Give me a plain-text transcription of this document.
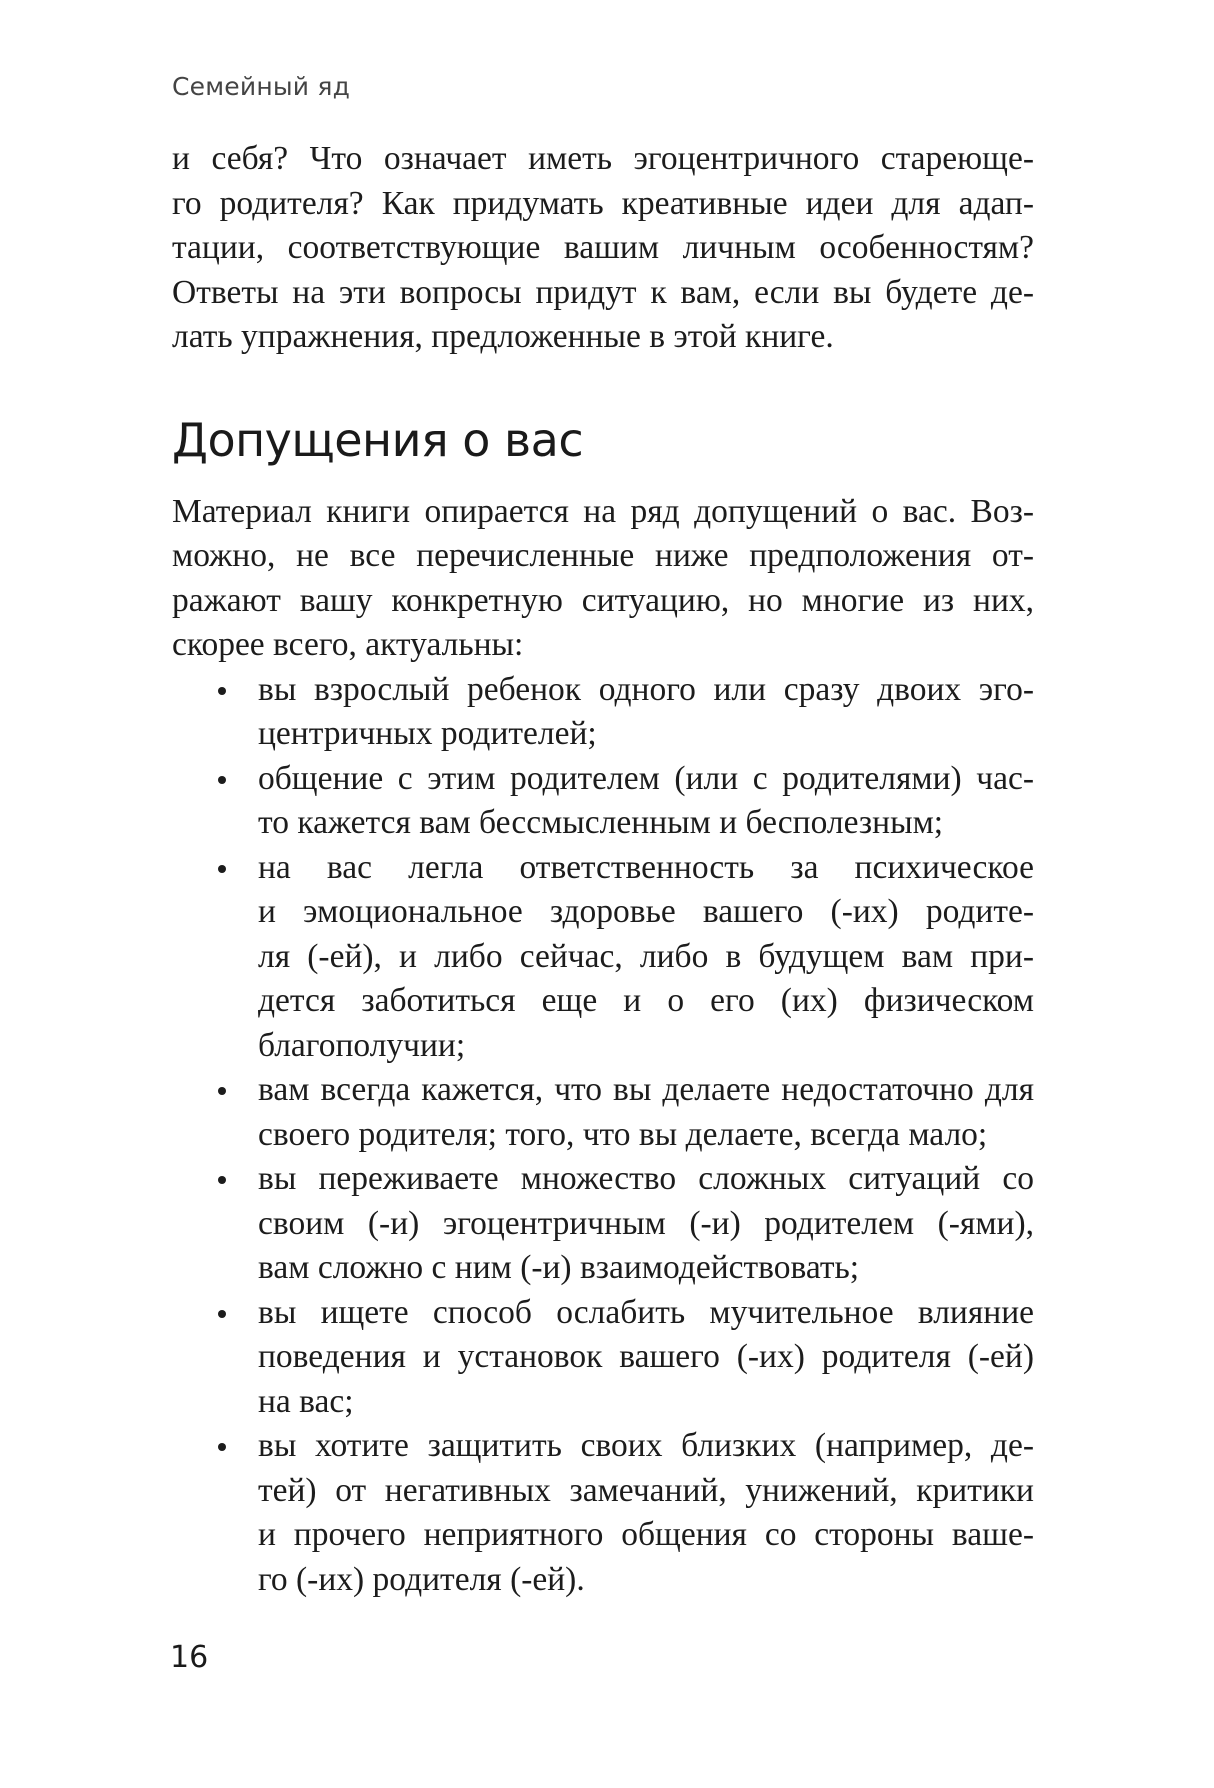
Семейный яд
и себя? Что означает иметь эгоцентричного стареюще-
го родителя? Как придумать креативные идеи для адап-
тации, соответствующие вашим личным особенностям?
Ответы на эти вопросы придут к вам, если вы будете де-
лать упражнения, предложенные в этой книге.
Допущения о вас
Материал книги опирается на ряд допущений о вас. Воз-
можно, не все перечисленные ниже предположения от-
ражают вашу конкретную ситуацию, но многие из них,
скорее всего, актуальны:
вы взрослый ребенок одного или сразу двоих эго-
центричных родителей;
общение с этим родителем (или с родителями) час-
то кажется вам бессмысленным и бесполезным;
на вас легла ответственность за психическое
и эмоциональное здоровье вашего (-их) родите-
ля (-ей), и либо сейчас, либо в будущем вам при-
дется заботиться еще и о его (их) физическом
благополучии;
вам всегда кажется, что вы делаете недостаточно для
своего родителя; того, что вы делаете, всегда мало;
вы переживаете множество сложных ситуаций со
своим (-и) эгоцентричным (-и) родителем (-ями),
вам сложно с ним (-и) взаимодействовать;
вы ищете способ ослабить мучительное влияние
поведения и установок вашего (-их) родителя (-ей)
на вас;
вы хотите защитить своих близких (например, де-
тей) от негативных замечаний, унижений, критики
и прочего неприятного общения со стороны ваше-
го (-их) родителя (-ей).
16
